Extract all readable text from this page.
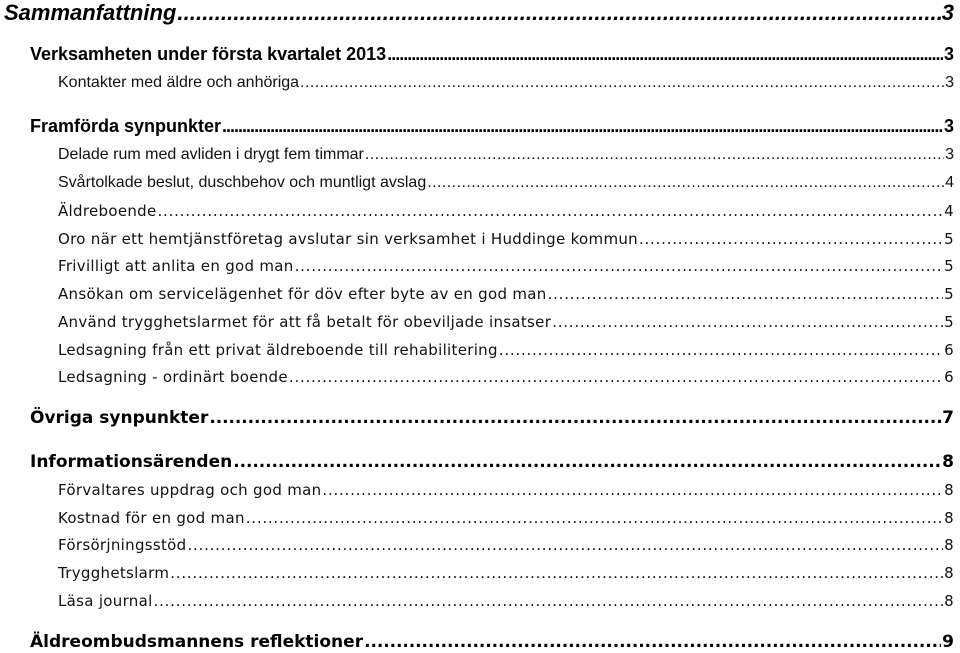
Sammanfattning . . .	3
Verksamheten under första kvartalet 2013 . . .	3
Kontakter med äldre och anhöriga . . .	3
Framförda synpunkter . . .	3
Delade rum med avliden i drygt fem timmar . . .	3
Svårtolkade beslut, duschbehov och muntligt avslag . . .	4
Äldreboende . . .	4
Oro när ett hemtjänstföretag avslutar sin verksamhet i Huddinge kommun . . .	5
Frivilligt att anlita en god man . . .	5
Ansökan om servicelägenhet för döv efter byte av en god man . . .	5
Använd trygghetslarmet för att få betalt för obeviljade insatser . . .	5
Ledsagning från ett privat äldreboende till rehabilitering . . .	6
Ledsagning - ordinärt boende . . .	6
Övriga synpunkter . . .	7
Informationsärenden . . .	8
Förvaltares uppdrag och god man . . .	8
Kostnad för en god man . . .	8
Försörjningsstöd . . .	8
Trygghetslarm . . .	8
Läsa journal . . .	8
Äldreombudsmannens reflektioner . . .	9
